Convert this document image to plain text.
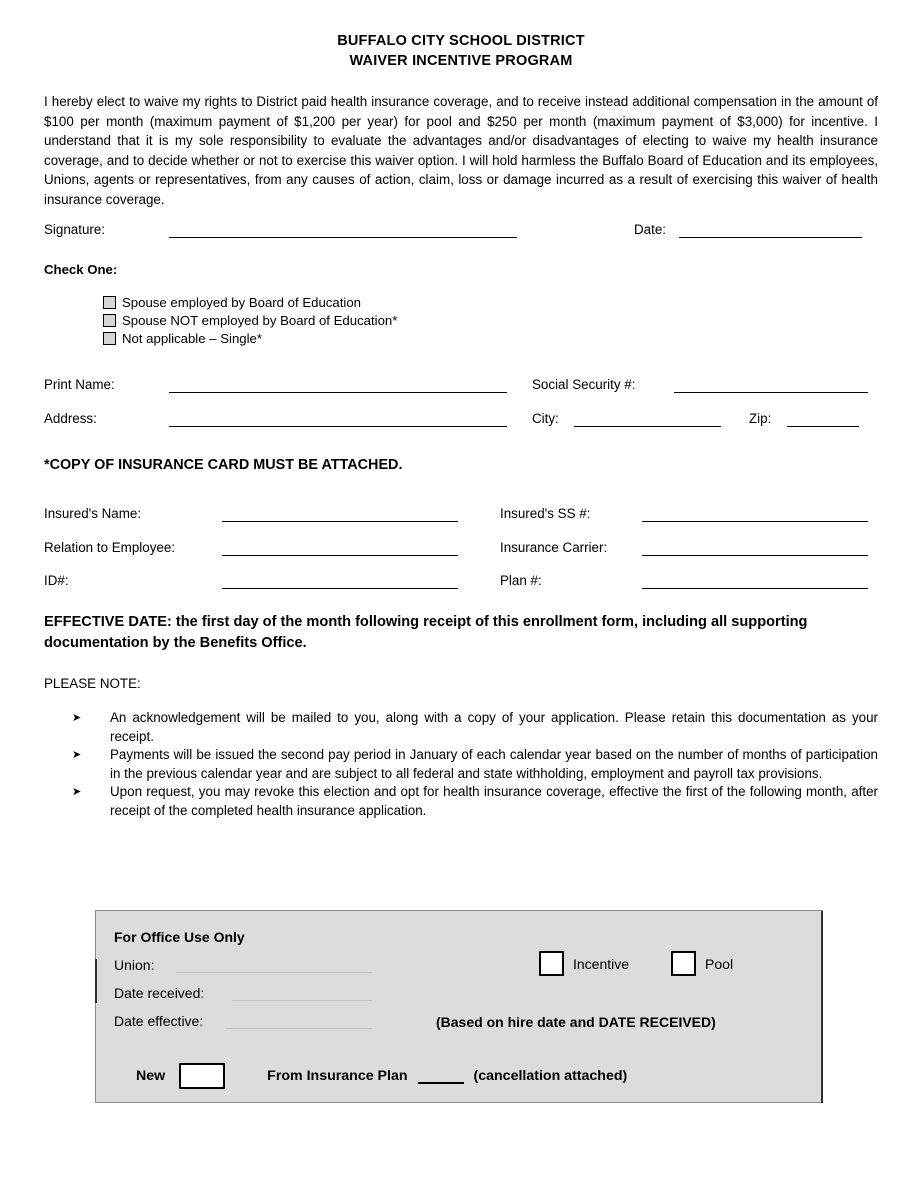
BUFFALO CITY SCHOOL DISTRICT
WAIVER INCENTIVE PROGRAM
I hereby elect to waive my rights to District paid health insurance coverage, and to receive instead additional compensation in the amount of $100 per month (maximum payment of $1,200 per year) for pool and $250 per month (maximum payment of $3,000) for incentive. I understand that it is my sole responsibility to evaluate the advantages and/or disadvantages of electing to waive my health insurance coverage, and to decide whether or not to exercise this waiver option. I will hold harmless the Buffalo Board of Education and its employees, Unions, agents or representatives, from any causes of action, claim, loss or damage incurred as a result of exercising this waiver of health insurance coverage.
Signature:	Date:
Check One:
Spouse employed by Board of Education
Spouse NOT employed by Board of Education*
Not applicable – Single*
Print Name:	Social Security #:
Address:	City:	Zip:
*COPY OF INSURANCE CARD MUST BE ATTACHED.
Insured's Name:	Insured's SS #:
Relation to Employee:	Insurance Carrier:
ID#:	Plan #:
EFFECTIVE DATE: the first day of the month following receipt of this enrollment form, including all supporting documentation by the Benefits Office.
PLEASE NOTE:
➤	An acknowledgement will be mailed to you, along with a copy of your application. Please retain this documentation as your receipt.
➤	Payments will be issued the second pay period in January of each calendar year based on the number of months of participation in the previous calendar year and are subject to all federal and state withholding, employment and payroll tax provisions.
➤	Upon request, you may revoke this election and opt for health insurance coverage, effective the first of the following month, after receipt of the completed health insurance application.
For Office Use Only
Union:
Date received:
Date effective:
Incentive	Pool
(Based on hire date and DATE RECEIVED)
New	From Insurance Plan	(cancellation attached)
